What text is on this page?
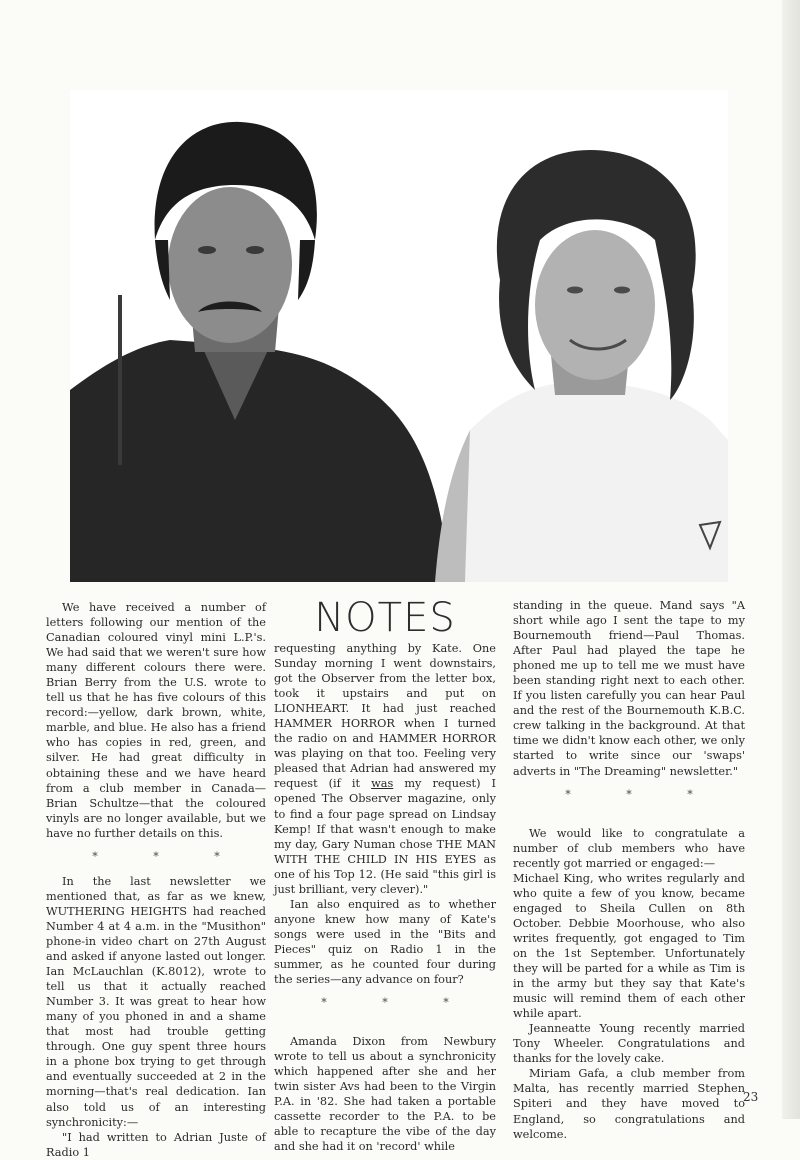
NOTES

We have received a number of letters following our mention of the Canadian coloured vinyl mini L.P.'s. We had said that we weren't sure how many different colours there were. Brian Berry from the U.S. wrote to tell us that he has five colours of this record:—yellow, dark brown, white, marble, and blue. He also has a friend who has copies in red, green, and silver. He had great difficulty in obtaining these and we have heard from a club member in Canada—Brian Schultze—that the coloured vinyls are no longer available, but we have no further details on this.

* * *

In the last newsletter we mentioned that, as far as we knew, WUTHERING HEIGHTS had reached Number 4 at 4 a.m. in the "Musithon" phone-in video chart on 27th August and asked if anyone lasted out longer. Ian McLauchlan (K.8012), wrote to tell us that it actually reached Number 3. It was great to hear how many of you phoned in and a shame that most had trouble getting through. One guy spent three hours in a phone box trying to get through and eventually succeeded at 2 in the morning—that's real dedication. Ian also told us of an interesting synchronicity:—

"I had written to Adrian Juste of Radio 1

requesting anything by Kate. One Sunday morning I went downstairs, got the Observer from the letter box, took it upstairs and put on LIONHEART. It had just reached HAMMER HORROR when I turned the radio on and HAMMER HORROR was playing on that too. Feeling very pleased that Adrian had answered my request (if it was my request) I opened The Observer magazine, only to find a four page spread on Lindsay Kemp! If that wasn't enough to make my day, Gary Numan chose THE MAN WITH THE CHILD IN HIS EYES as one of his Top 12. (He said "this girl is just brilliant, very clever)."

Ian also enquired as to whether anyone knew how many of Kate's songs were used in the "Bits and Pieces" quiz on Radio 1 in the summer, as he counted four during the series—any advance on four?

* * *

Amanda Dixon from Newbury wrote to tell us about a synchronicity which happened after she and her twin sister Avs had been to the Virgin P.A. in '82. She had taken a portable cassette recorder to the P.A. to be able to recapture the vibe of the day and she had it on 'record' while

standing in the queue. Mand says "A short while ago I sent the tape to my Bournemouth friend—Paul Thomas. After Paul had played the tape he phoned me up to tell me we must have been standing right next to each other. If you listen carefully you can hear Paul and the rest of the Bournemouth K.B.C. crew talking in the background. At that time we didn't know each other, we only started to write since our 'swaps' adverts in "The Dreaming" newsletter."

* * *

We would like to congratulate a number of club members who have recently got married or engaged:—

Michael King, who writes regularly and who quite a few of you know, became engaged to Sheila Cullen on 8th October. Debbie Moorhouse, who also writes frequently, got engaged to Tim on the 1st September. Unfortunately they will be parted for a while as Tim is in the army but they say that Kate's music will remind them of each other while apart.

Jeanneatte Young recently married Tony Wheeler. Congratulations and thanks for the lovely cake.

Miriam Gafa, a club member from Malta, has recently married Stephen Spiteri and they have moved to England, so congratulations and welcome.

23
